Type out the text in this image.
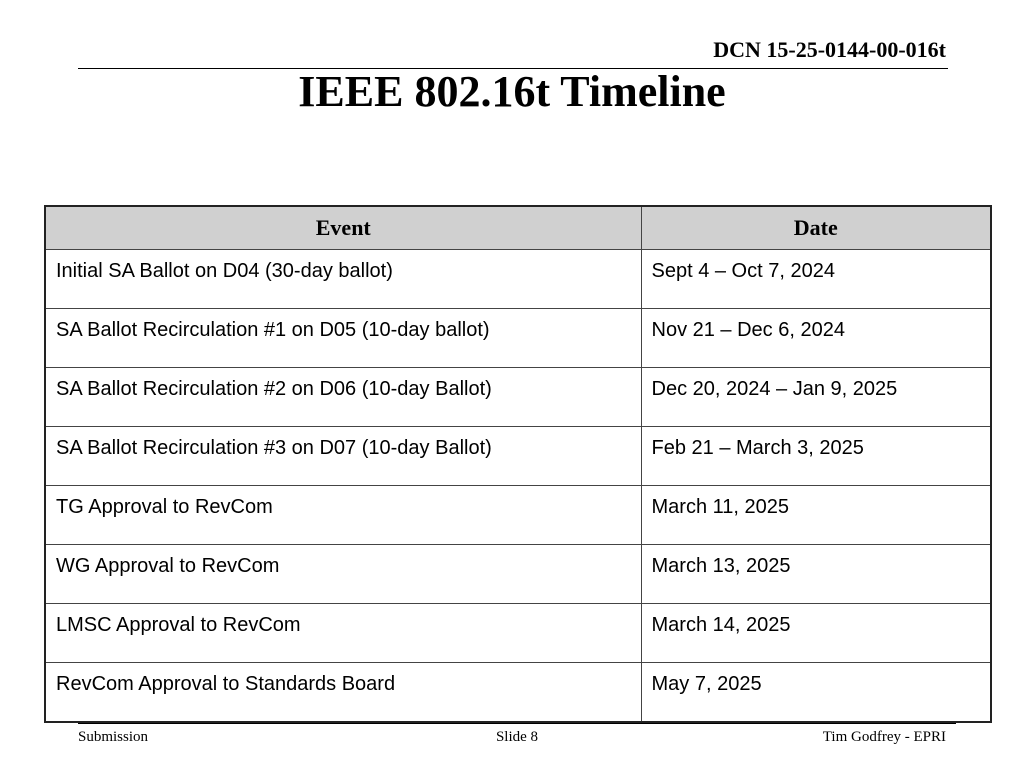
DCN 15-25-0144-00-016t
IEEE 802.16t Timeline
Event	Date
Initial SA Ballot on D04 (30-day ballot)	Sept 4 – Oct 7, 2024
SA Ballot Recirculation #1 on D05 (10-day ballot)	Nov 21 – Dec 6, 2024
SA Ballot Recirculation #2 on D06 (10-day Ballot)	Dec 20, 2024 – Jan 9, 2025
SA Ballot Recirculation #3 on D07 (10-day Ballot)	Feb 21 – March 3, 2025
TG Approval to RevCom	March 11, 2025
WG Approval to RevCom	March 13, 2025
LMSC Approval to RevCom	March 14, 2025
RevCom Approval to Standards Board	May 7, 2025
Submission	Slide 8	Tim Godfrey - EPRI
